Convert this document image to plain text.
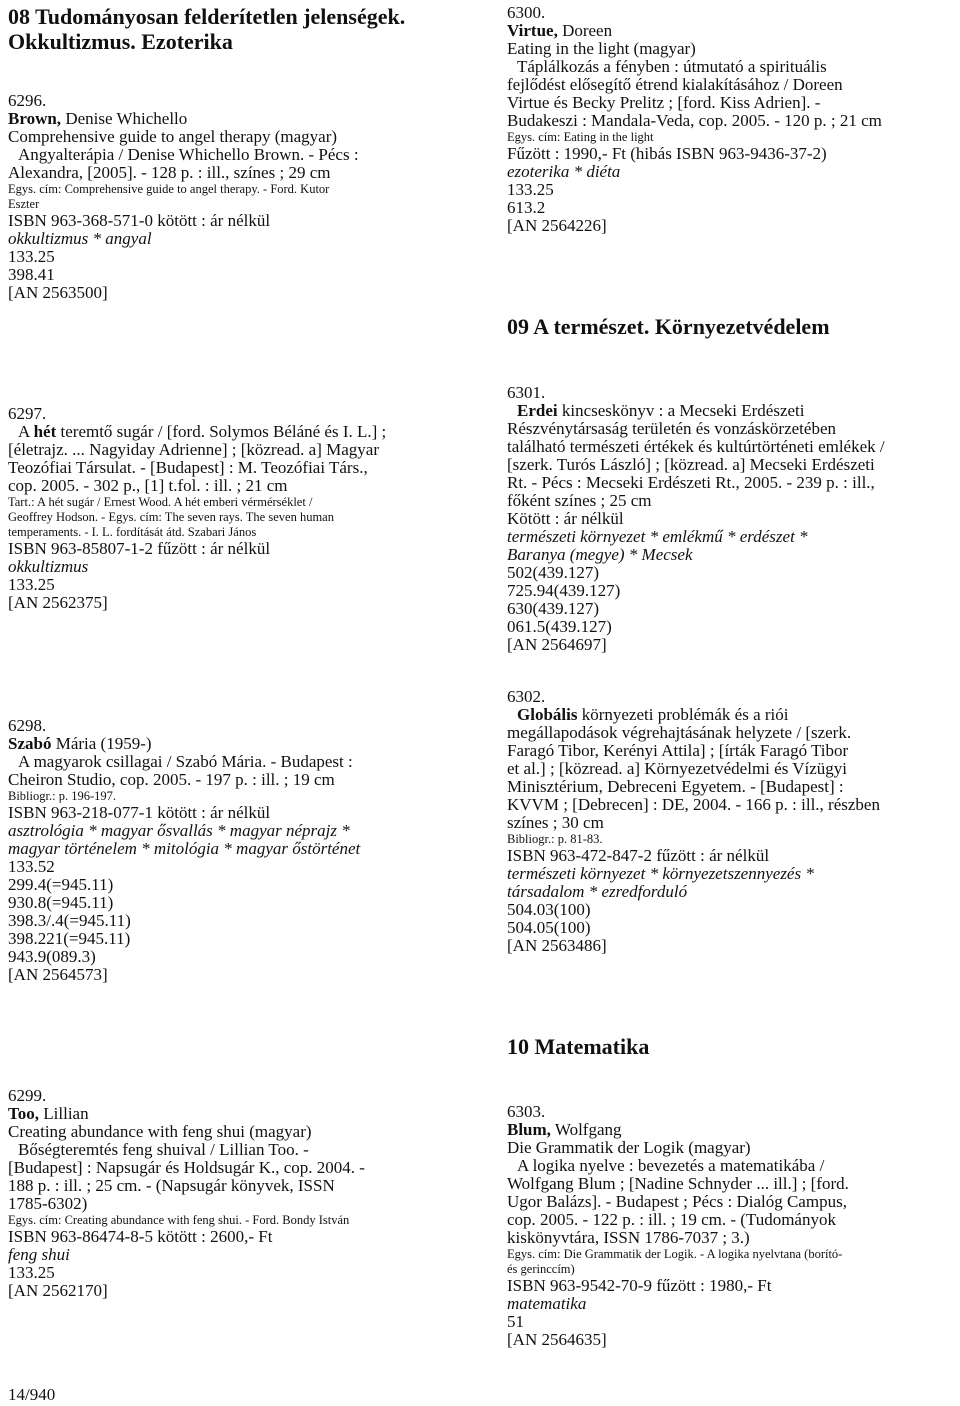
08 Tudományosan felderítetlen jelenségek.
Okkultizmus. Ezoterika
6296.
Brown, Denise Whichello
Comprehensive guide to angel therapy (magyar)
Angyalterápia / Denise Whichello Brown. - Pécs :
Alexandra, [2005]. - 128 p. : ill., színes ; 29 cm
Egys. cím: Comprehensive guide to angel therapy. - Ford. Kutor
Eszter
ISBN 963-368-571-0 kötött : ár nélkül
okkultizmus * angyal
133.25
398.41
[AN 2563500]
6297.
A hét teremtő sugár / [ford. Solymos Béláné és I. L.] ;
[életrajz. ... Nagyiday Adrienne] ; [közread. a] Magyar
Teozófiai Társulat. - [Budapest] : M. Teozófiai Társ.,
cop. 2005. - 302 p., [1] t.fol. : ill. ; 21 cm
Tart.: A hét sugár / Ernest Wood. A hét emberi vérmérséklet /
Geoffrey Hodson. - Egys. cím: The seven rays. The seven human
temperaments. - I. L. fordítását átd. Szabari János
ISBN 963-85807-1-2 fűzött : ár nélkül
okkultizmus
133.25
[AN 2562375]
6298.
Szabó Mária (1959-)
A magyarok csillagai / Szabó Mária. - Budapest :
Cheiron Studio, cop. 2005. - 197 p. : ill. ; 19 cm
Bibliogr.: p. 196-197.
ISBN 963-218-077-1 kötött : ár nélkül
asztrológia * magyar ősvallás * magyar néprajz *
magyar történelem * mitológia * magyar őstörténet
133.52
299.4(=945.11)
930.8(=945.11)
398.3/.4(=945.11)
398.221(=945.11)
943.9(089.3)
[AN 2564573]
6299.
Too, Lillian
Creating abundance with feng shui (magyar)
Bőségteremtés feng shuival / Lillian Too. -
[Budapest] : Napsugár és Holdsugár K., cop. 2004. -
188 p. : ill. ; 25 cm. - (Napsugár könyvek, ISSN
1785-6302)
Egys. cím: Creating abundance with feng shui. - Ford. Bondy István
ISBN 963-86474-8-5 kötött : 2600,- Ft
feng shui
133.25
[AN 2562170]
6300.
Virtue, Doreen
Eating in the light (magyar)
Táplálkozás a fényben : útmutató a spirituális
fejlődést elősegítő étrend kialakításához / Doreen
Virtue és Becky Prelitz ; [ford. Kiss Adrien]. -
Budakeszi : Mandala-Veda, cop. 2005. - 120 p. ; 21 cm
Egys. cím: Eating in the light
Fűzött : 1990,- Ft (hibás ISBN 963-9436-37-2)
ezoterika * diéta
133.25
613.2
[AN 2564226]
09 A természet. Környezetvédelem
6301.
Erdei kincseskönyv : a Mecseki Erdészeti
Részvénytársaság területén és vonzáskörzetében
található természeti értékek és kultúrtörténeti emlékek /
[szerk. Turós László] ; [közread. a] Mecseki Erdészeti
Rt. - Pécs : Mecseki Erdészeti Rt., 2005. - 239 p. : ill.,
főként színes ; 25 cm
Kötött : ár nélkül
természeti környezet * emlékmű * erdészet *
Baranya (megye) * Mecsek
502(439.127)
725.94(439.127)
630(439.127)
061.5(439.127)
[AN 2564697]
6302.
Globális környezeti problémák és a riói
megállapodások végrehajtásának helyzete / [szerk.
Faragó Tibor, Kerényi Attila] ; [írták Faragó Tibor
et al.] ; [közread. a] Környezetvédelmi és Vízügyi
Minisztérium, Debreceni Egyetem. - [Budapest] :
KVVM ; [Debrecen] : DE, 2004. - 166 p. : ill., részben
színes ; 30 cm
Bibliogr.: p. 81-83.
ISBN 963-472-847-2 fűzött : ár nélkül
természeti környezet * környezetszennyezés *
társadalom * ezredforduló
504.03(100)
504.05(100)
[AN 2563486]
10 Matematika
6303.
Blum, Wolfgang
Die Grammatik der Logik (magyar)
A logika nyelve : bevezetés a matematikába /
Wolfgang Blum ; [Nadine Schnyder ... ill.] ; [ford.
Ugor Balázs]. - Budapest ; Pécs : Dialóg Campus,
cop. 2005. - 122 p. : ill. ; 19 cm. - (Tudományok
kiskönyvtára, ISSN 1786-7037 ; 3.)
Egys. cím: Die Grammatik der Logik. - A logika nyelvtana (borító-
és gerinccím)
ISBN 963-9542-70-9 fűzött : 1980,- Ft
matematika
51
[AN 2564635]
14/940
